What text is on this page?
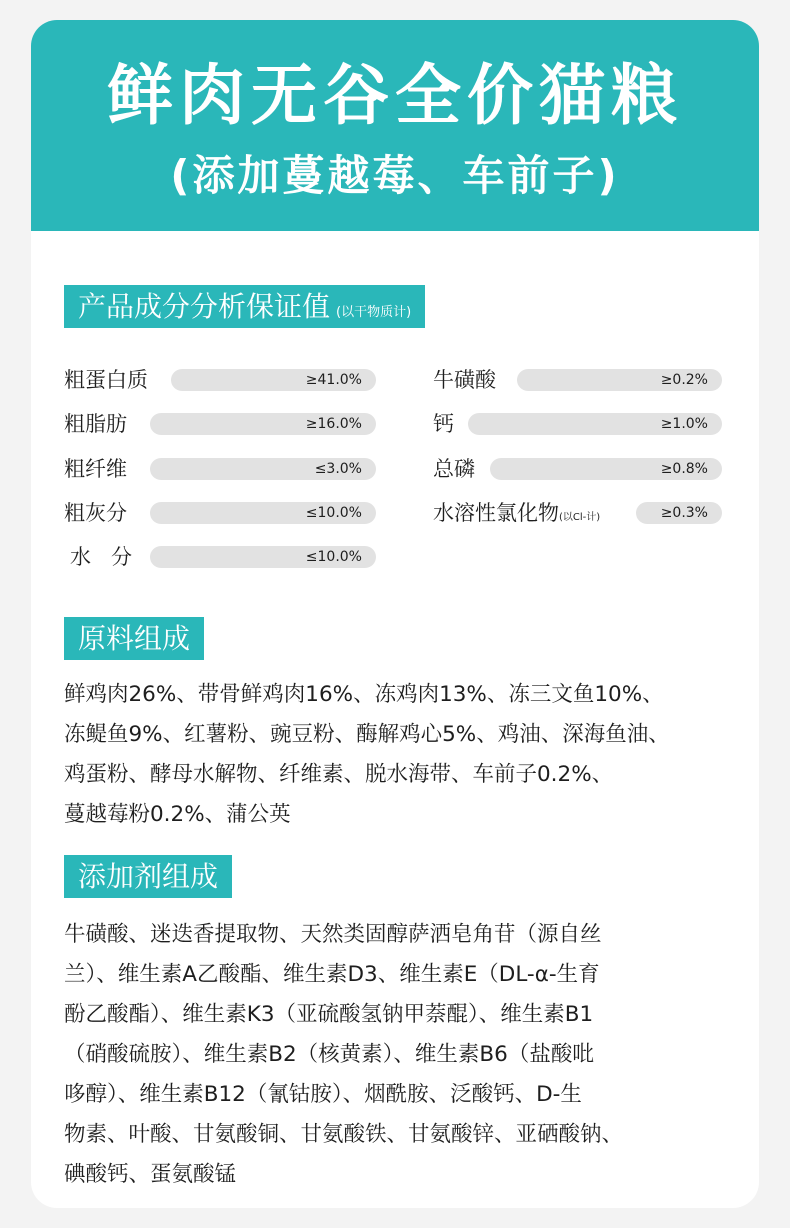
鲜肉无谷全价猫粮
(添加蔓越莓、车前子)
产品成分分析保证值 (以干物质计)
粗蛋白质	≥41.0%
粗脂肪	≥16.0%
粗纤维	≤3.0%
粗灰分	≤10.0%
水   分	≤10.0%
牛磺酸	≥0.2%
钙	≥1.0%
总磷	≥0.8%
水溶性氯化物(以Cl-计)	≥0.3%
原料组成
鲜鸡肉26%、带骨鲜鸡肉16%、冻鸡肉13%、冻三文鱼10%、
冻鳀鱼9%、红薯粉、豌豆粉、酶解鸡心5%、鸡油、深海鱼油、
鸡蛋粉、酵母水解物、纤维素、脱水海带、车前子0.2%、
蔓越莓粉0.2%、蒲公英
添加剂组成
牛磺酸、迷迭香提取物、天然类固醇萨洒皂角苷（源自丝
兰）、维生素A乙酸酯、维生素D3、维生素E（DL-α-生育
酚乙酸酯）、维生素K3（亚硫酸氢钠甲萘醌）、维生素B1
（硝酸硫胺）、维生素B2（核黄素）、维生素B6（盐酸吡
哆醇）、维生素B12（氰钴胺）、烟酰胺、泛酸钙、D-生
物素、叶酸、甘氨酸铜、甘氨酸铁、甘氨酸锌、亚硒酸钠、
碘酸钙、蛋氨酸锰
